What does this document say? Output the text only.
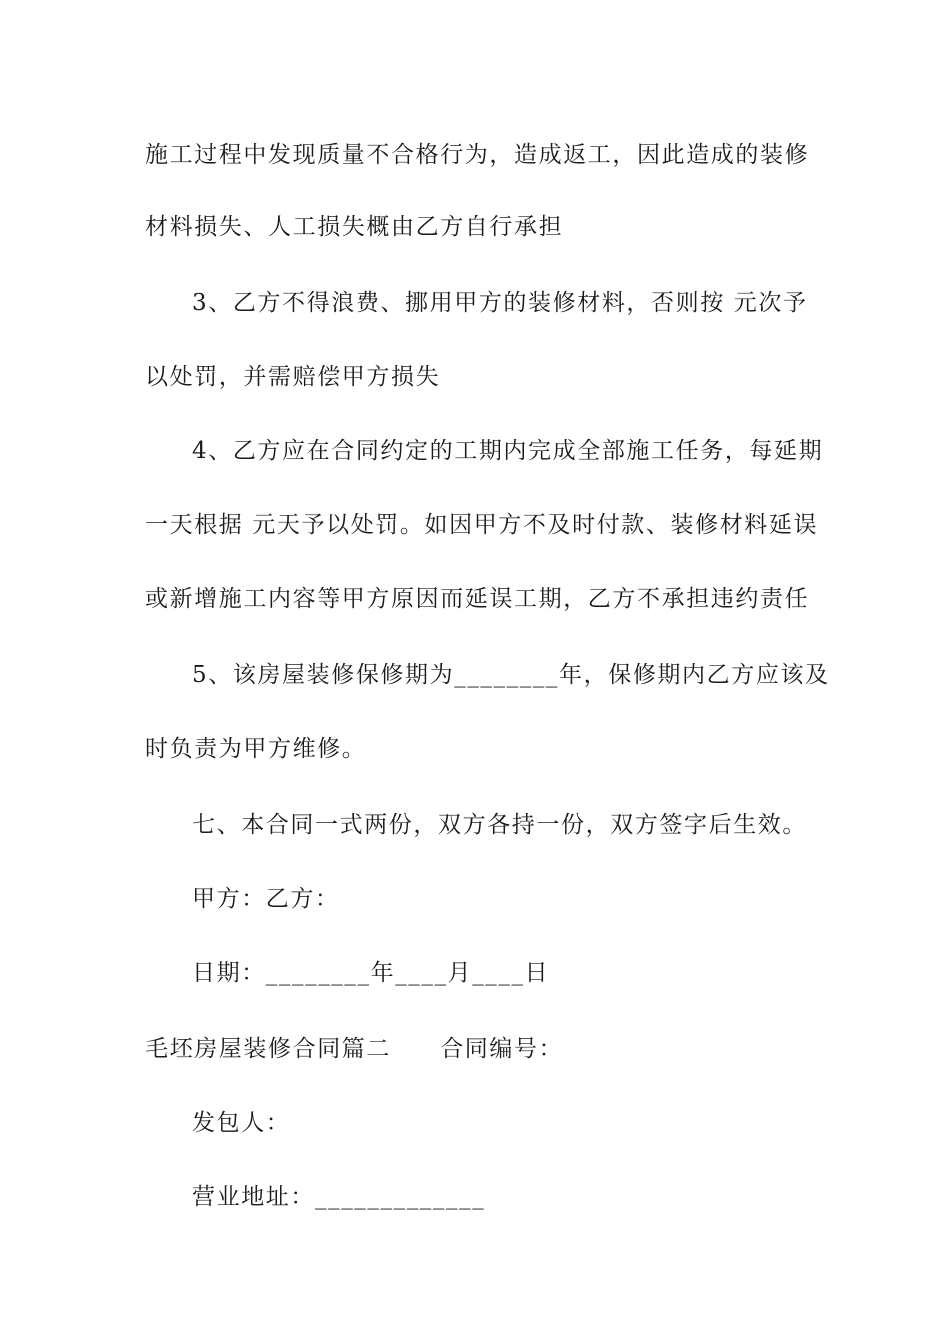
施工过程中发现质量不合格行为，造成返工，因此造成的装修
材料损失、人工损失概由乙方自行承担
3、乙方不得浪费、挪用甲方的装修材料，否则按 元次予
以处罚，并需赔偿甲方损失
4、乙方应在合同约定的工期内完成全部施工任务，每延期
一天根据 元天予以处罚。如因甲方不及时付款、装修材料延误
或新增施工内容等甲方原因而延误工期，乙方不承担违约责任
5、该房屋装修保修期为________年，保修期内乙方应该及
时负责为甲方维修。
七、本合同一式两份，双方各持一份，双方签字后生效。
甲方：乙方：
日期：________年____月____日
毛坯房屋装修合同篇二　　合同编号：
发包人：
营业地址：_____________
